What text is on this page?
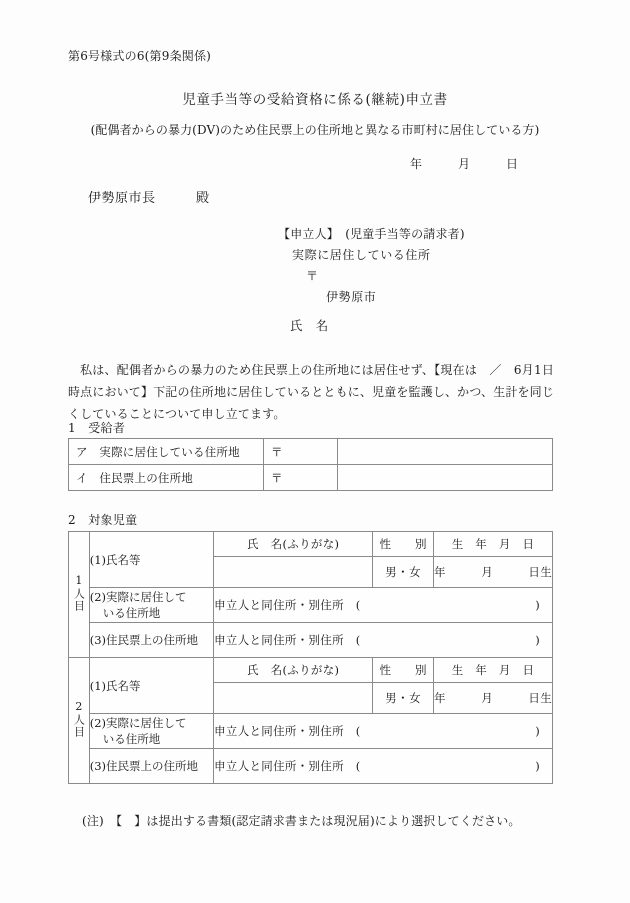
第6号様式の6(第9条関係)
児童手当等の受給資格に係る(継続)申立書
(配偶者からの暴力(DV)のため住民票上の住所地と異なる市町村に居住している方)
年　　　月　　　日
伊勢原市長　　　殿
【申立人】　(児童手当等の請求者)
実際に居住している住所
〒
伊勢原市
氏　名
私は、配偶者からの暴力のため住民票上の住所地には居住せず、【現在は　／　6月1日時点において】下記の住所地に居住しているとともに、児童を監護し、かつ、生計を同じくしていることについて申し立てます。
1　受給者
ア　実際に居住している住所地	〒	
イ　住民票上の住所地	〒	
2　対象児童
1人目	(1)氏名等	氏　名(ふりがな)	性　　別	生　年　月　日
			男・女	年　　　月　　　日生
	(2)実際に居住して
いる住所地	申立人と同住所・別住所　( )		

	(3)住民票上の住所地	申立人と同住所・別住所　( )		

2人目	(1)氏名等	氏　名(ふりがな)	性　　別	生　年　月　日
			男・女	年　　　月　　　日生
	(2)実際に居住して
いる住所地	申立人と同住所・別住所　( )		

	(3)住民票上の住所地	申立人と同住所・別住所　( )		
(注)　【　】は提出する書類(認定請求書または現況届)により選択してください。
